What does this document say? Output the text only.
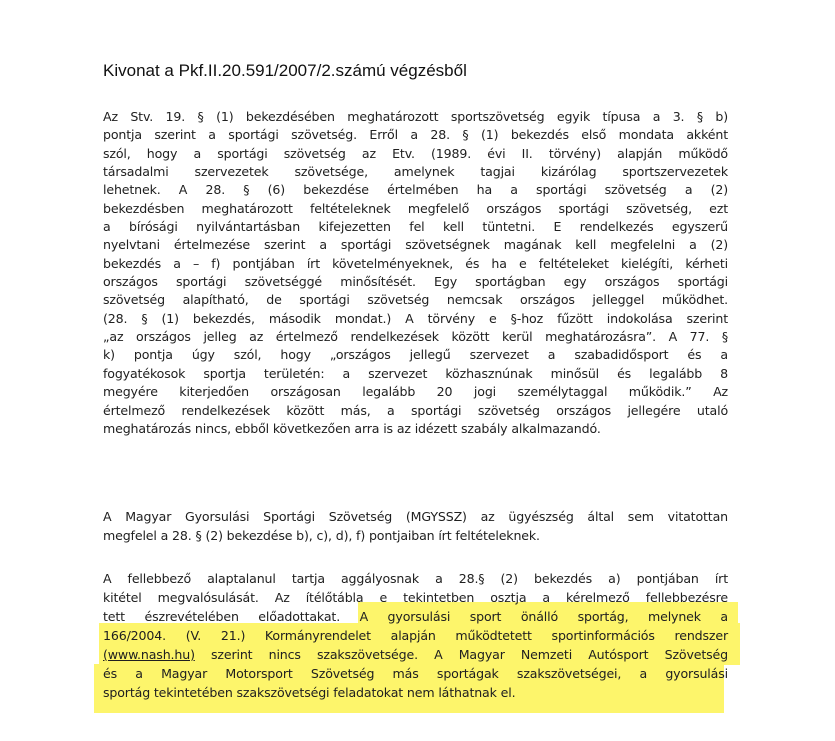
Kivonat a Pkf.II.20.591/2007/2.számú végzésből
Az Stv. 19. § (1) bekezdésében meghatározott sportszövetség egyik típusa a 3. § b)
pontja szerint a sportági szövetség. Erről a 28. § (1) bekezdés első mondata akként
szól, hogy a sportági szövetség az Etv. (1989. évi II. törvény) alapján működő
társadalmi szervezetek szövetsége, amelynek tagjai kizárólag sportszervezetek
lehetnek. A 28. § (6) bekezdése értelmében ha a sportági szövetség a (2)
bekezdésben meghatározott feltételeknek megfelelő országos sportági szövetség, ezt
a bírósági nyilvántartásban kifejezetten fel kell tüntetni. E rendelkezés egyszerű
nyelvtani értelmezése szerint a sportági szövetségnek magának kell megfelelni a (2)
bekezdés a – f) pontjában írt követelményeknek, és ha e feltételeket kielégíti, kérheti
országos sportági szövetséggé minősítését. Egy sportágban egy országos sportági
szövetség alapítható, de sportági szövetség nemcsak országos jelleggel működhet.
(28. § (1) bekezdés, második mondat.) A törvény e §-hoz fűzött indokolása szerint
„az országos jelleg az értelmező rendelkezések között kerül meghatározásra”. A 77. §
k) pontja úgy szól, hogy „országos jellegű szervezet a szabadidősport és a
fogyatékosok sportja területén: a szervezet közhasznúnak minősül és legalább 8
megyére kiterjedően országosan legalább 20 jogi személytaggal működik.” Az
értelmező rendelkezések között más, a sportági szövetség országos jellegére utaló
meghatározás nincs, ebből következően arra is az idézett szabály alkalmazandó.
A Magyar Gyorsulási Sportági Szövetség (MGYSSZ) az ügyészség által sem vitatottan
megfelel a 28. § (2) bekezdése b), c), d), f) pontjaiban írt feltételeknek.
A fellebbező alaptalanul tartja aggályosnak a 28.§ (2) bekezdés a) pontjában írt
kitétel megvalósulását. Az ítélőtábla e tekintetben osztja a kérelmező fellebbezésre
tett észrevételében előadottakat. A gyorsulási sport önálló sportág, melynek a
166/2004. (V. 21.) Kormányrendelet alapján működtetett sportinformációs rendszer
(www.nash.hu) szerint nincs szakszövetsége. A Magyar Nemzeti Autósport Szövetség
és a Magyar Motorsport Szövetség más sportágak szakszövetségei, a gyorsulási
sportág tekintetében szakszövetségi feladatokat nem láthatnak el.
